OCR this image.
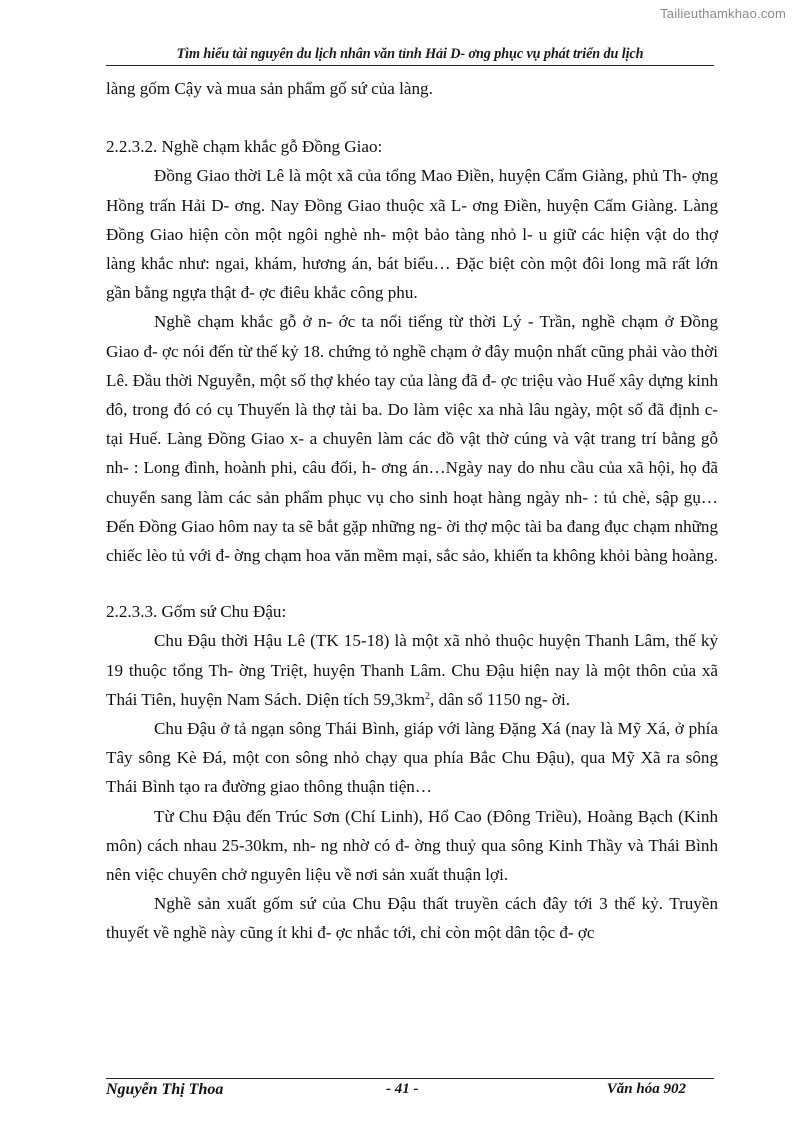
Tailieuthamkhao.com
Tìm hiểu tài nguyên du lịch nhân văn tỉnh Hải D- ơng phục vụ phát triển du lịch

làng gốm Cậy và mua sản phẩm gố sứ của làng.

2.2.3.2. Nghề chạm khắc gỗ Đồng Giao:

Đồng Giao thời Lê là một xã của tổng Mao Điền, huyện Cẩm Giàng, phủ Th- ợng Hồng trấn Hải D- ơng. Nay Đồng Giao thuộc xã L- ơng Điền, huyện Cẩm Giàng. Làng Đồng Giao hiện còn một ngôi nghè nh- một bảo tàng nhỏ l- u giữ các hiện vật do thợ làng khắc như: ngai, khám, hương án, bát biểu… Đặc biệt còn một đôi long mã rất lớn gần bằng ngựa thật đ- ợc điêu khắc công phu.

Nghề chạm khắc gỗ ở n- ớc ta nổi tiếng từ thời Lý - Trần, nghề chạm ở Đồng Giao đ- ợc nói đến từ thế kỷ 18. chứng tỏ nghề chạm ở đây muộn nhất cũng phải vào thời Lê. Đầu thời Nguyễn, một số thợ khéo tay của làng đã đ- ợc triệu vào Huế xây dựng kinh đô, trong đó có cụ Thuyến là thợ tài ba. Do làm việc xa nhà lâu ngày, một số đã định c- tại Huế. Làng Đồng Giao x- a chuyên làm các đồ vật thờ cúng và vật trang trí bằng gỗ nh- : Long đình, hoành phi, câu đối, h- ơng án…Ngày nay do nhu cầu của xã hội, họ đã chuyển sang làm các sản phẩm phục vụ cho sinh hoạt hàng ngày nh- : tủ chè, sập gụ…Đến Đồng Giao hôm nay ta sẽ bắt gặp những ng- ời thợ mộc tài ba đang đục chạm những chiếc lèo tủ với đ- ờng chạm hoa văn mềm mại, sắc sảo, khiến ta không khỏi bàng hoàng.

2.2.3.3. Gốm sứ Chu Đậu:

Chu Đậu thời Hậu Lê (TK 15-18) là một xã nhỏ thuộc huyện Thanh Lâm, thế kỷ 19 thuộc tổng Th- ờng Triệt, huyện Thanh Lâm. Chu Đậu hiện nay là một thôn của xã Thái Tiên, huyện Nam Sách. Diện tích $59,3km^2$, dân số 1150 ng- ời.

Chu Đậu ở tả ngạn sông Thái Bình, giáp với làng Đặng Xá (nay là Mỹ Xá, ở phía Tây sông Kè Đá, một con sông nhỏ chạy qua phía Bắc Chu Đậu), qua Mỹ Xã ra sông Thái Bình tạo ra đường giao thông thuận tiện…

Từ Chu Đậu đến Trúc Sơn (Chí Linh), Hổ Cao (Đông Triều), Hoàng Bạch (Kinh môn) cách nhau 25-30km, nh- ng nhờ có đ- ờng thuỷ qua sông Kinh Thầy và Thái Bình nên việc chuyên chở nguyên liệu về nơi sản xuất thuận lợi.

Nghề sản xuất gốm sứ của Chu Đậu thất truyền cách đây tới 3 thế kỷ. Truyền thuyết về nghề này cũng ít khi đ- ợc nhắc tới, chỉ còn một dân tộc đ- ợc

Nguyễn Thị Thoa	- 41 -	Văn hóa 902
